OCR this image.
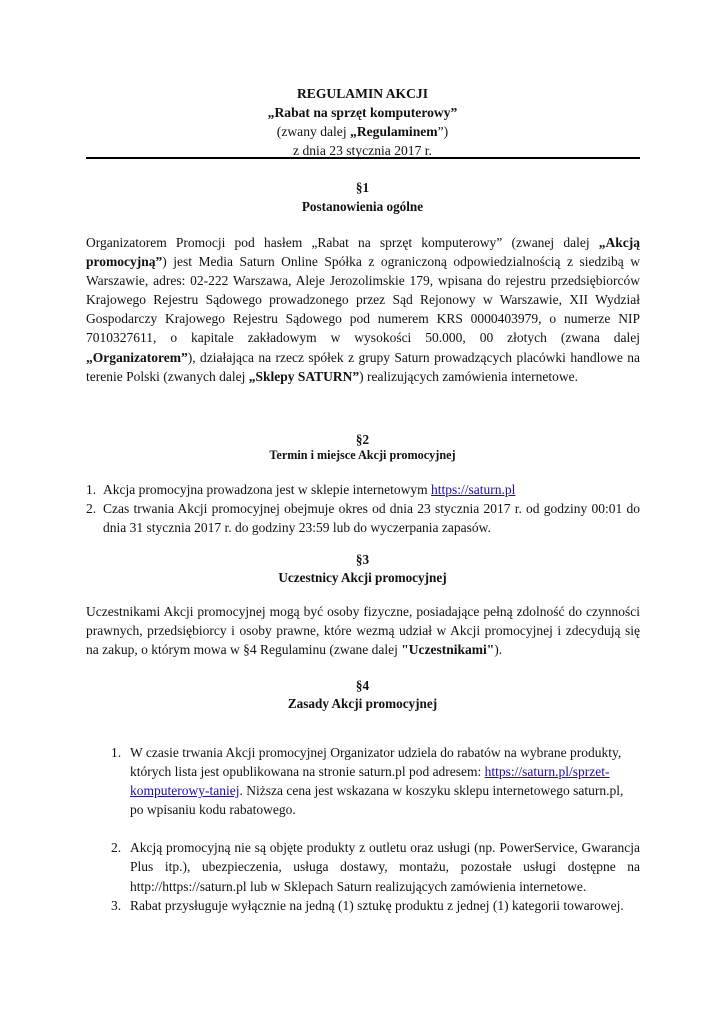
REGULAMIN AKCJI
„Rabat na sprzęt komputerowy”
(zwany dalej „Regulaminem”)
z dnia 23 stycznia 2017 r.
§1
Postanowienia ogólne
Organizatorem Promocji pod hasłem „Rabat na sprzęt komputerowy” (zwanej dalej „Akcją promocyjną”) jest Media Saturn Online Spółka z ograniczoną odpowiedzialnością z siedzibą w Warszawie, adres: 02-222 Warszawa, Aleje Jerozolimskie 179, wpisana do rejestru przedsiębiorców Krajowego Rejestru Sądowego prowadzonego przez Sąd Rejonowy w Warszawie, XII Wydział Gospodarczy Krajowego Rejestru Sądowego pod numerem KRS 0000403979, o numerze NIP 7010327611, o kapitale zakładowym w wysokości 50.000, 00 złotych (zwana dalej „Organizatorem”), działająca na rzecz spółek z grupy Saturn prowadzących placówki handlowe na terenie Polski (zwanych dalej „Sklepy SATURN”) realizujących zamówienia internetowe.
§2
Termin i miejsce Akcji promocyjnej
1. Akcja promocyjna prowadzona jest w sklepie internetowym https://saturn.pl
2. Czas trwania Akcji promocyjnej obejmuje okres od dnia 23 stycznia 2017 r. od godziny 00:01 do dnia 31 stycznia 2017 r. do godziny 23:59 lub do wyczerpania zapasów.
§3
Uczestnicy Akcji promocyjnej
Uczestnikami Akcji promocyjnej mogą być osoby fizyczne, posiadające pełną zdolność do czynności prawnych, przedsiębiorcy i osoby prawne, które wezmą udział w Akcji promocyjnej i zdecydują się na zakup, o którym mowa w §4 Regulaminu (zwane dalej "Uczestnikami").
§4
Zasady Akcji promocyjnej
1. W czasie trwania Akcji promocyjnej Organizator udziela do rabatów na wybrane produkty, których lista jest opublikowana na stronie saturn.pl pod adresem: https://saturn.pl/sprzet-komputerowy-taniej. Niższa cena jest wskazana w koszyku sklepu internetowego saturn.pl, po wpisaniu kodu rabatowego.
2. Akcją promocyjną nie są objęte produkty z outletu oraz usługi (np. PowerService, Gwarancja Plus itp.), ubezpieczenia, usługa dostawy, montażu, pozostałe usługi dostępne na http://https://saturn.pl lub w Sklepach Saturn realizujących zamówienia internetowe.
3. Rabat przysługuje wyłącznie na jedną (1) sztukę produktu z jednej (1) kategorii towarowej.
